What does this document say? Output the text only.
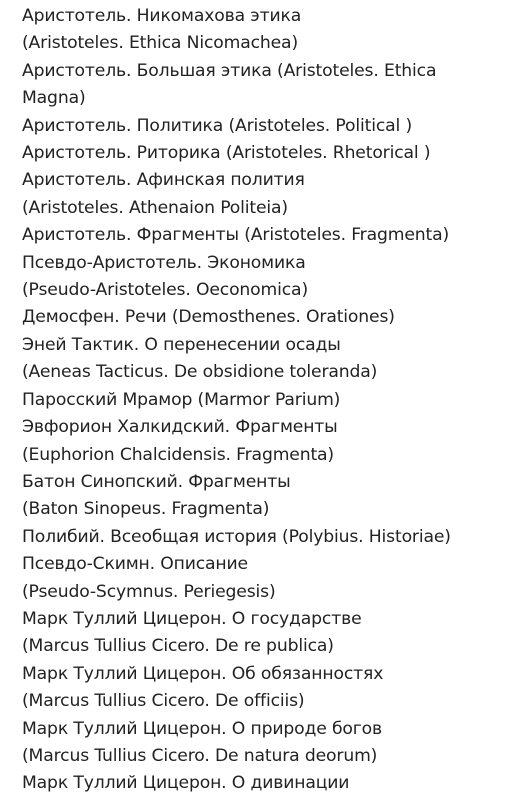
Аристотель. Никомахова этика
(Aristoteles. Ethica Nicomachea)
Аристотель. Большая этика (Aristoteles. Ethica
Magna)
Аристотель. Политика (Aristoteles. Political )
Аристотель. Риторика (Aristoteles. Rhetorical )
Аристотель. Афинская полития
(Aristoteles. Athenaion Politeia)
Аристотель. Фрагменты (Aristoteles. Fragmenta)
Псевдо-Аристотель. Экономика
(Pseudo-Aristoteles. Oeconomica)
Демосфен. Речи (Demosthenes. Orationes)
Эней Тактик. О перенесении осады
(Aeneas Tacticus. De obsidione toleranda)
Паросский Мрамор (Marmor Parium)
Эвфорион Халкидский. Фрагменты
(Euphorion Chalcidensis. Fragmenta)
Батон Синопский. Фрагменты
(Baton Sinopeus. Fragmenta)
Полибий. Всеобщая история (Polybius. Historiae)
Псевдо-Скимн. Описание
(Pseudo-Scymnus. Periegesis)
Марк Туллий Цицерон. О государстве
(Marcus Tullius Cicero. De re publica)
Марк Туллий Цицерон. Об обязанностях
(Marcus Tullius Cicero. De officiis)
Марк Туллий Цицерон. О природе богов
(Marcus Tullius Cicero. De natura deorum)
Марк Туллий Цицерон. О дивинации
